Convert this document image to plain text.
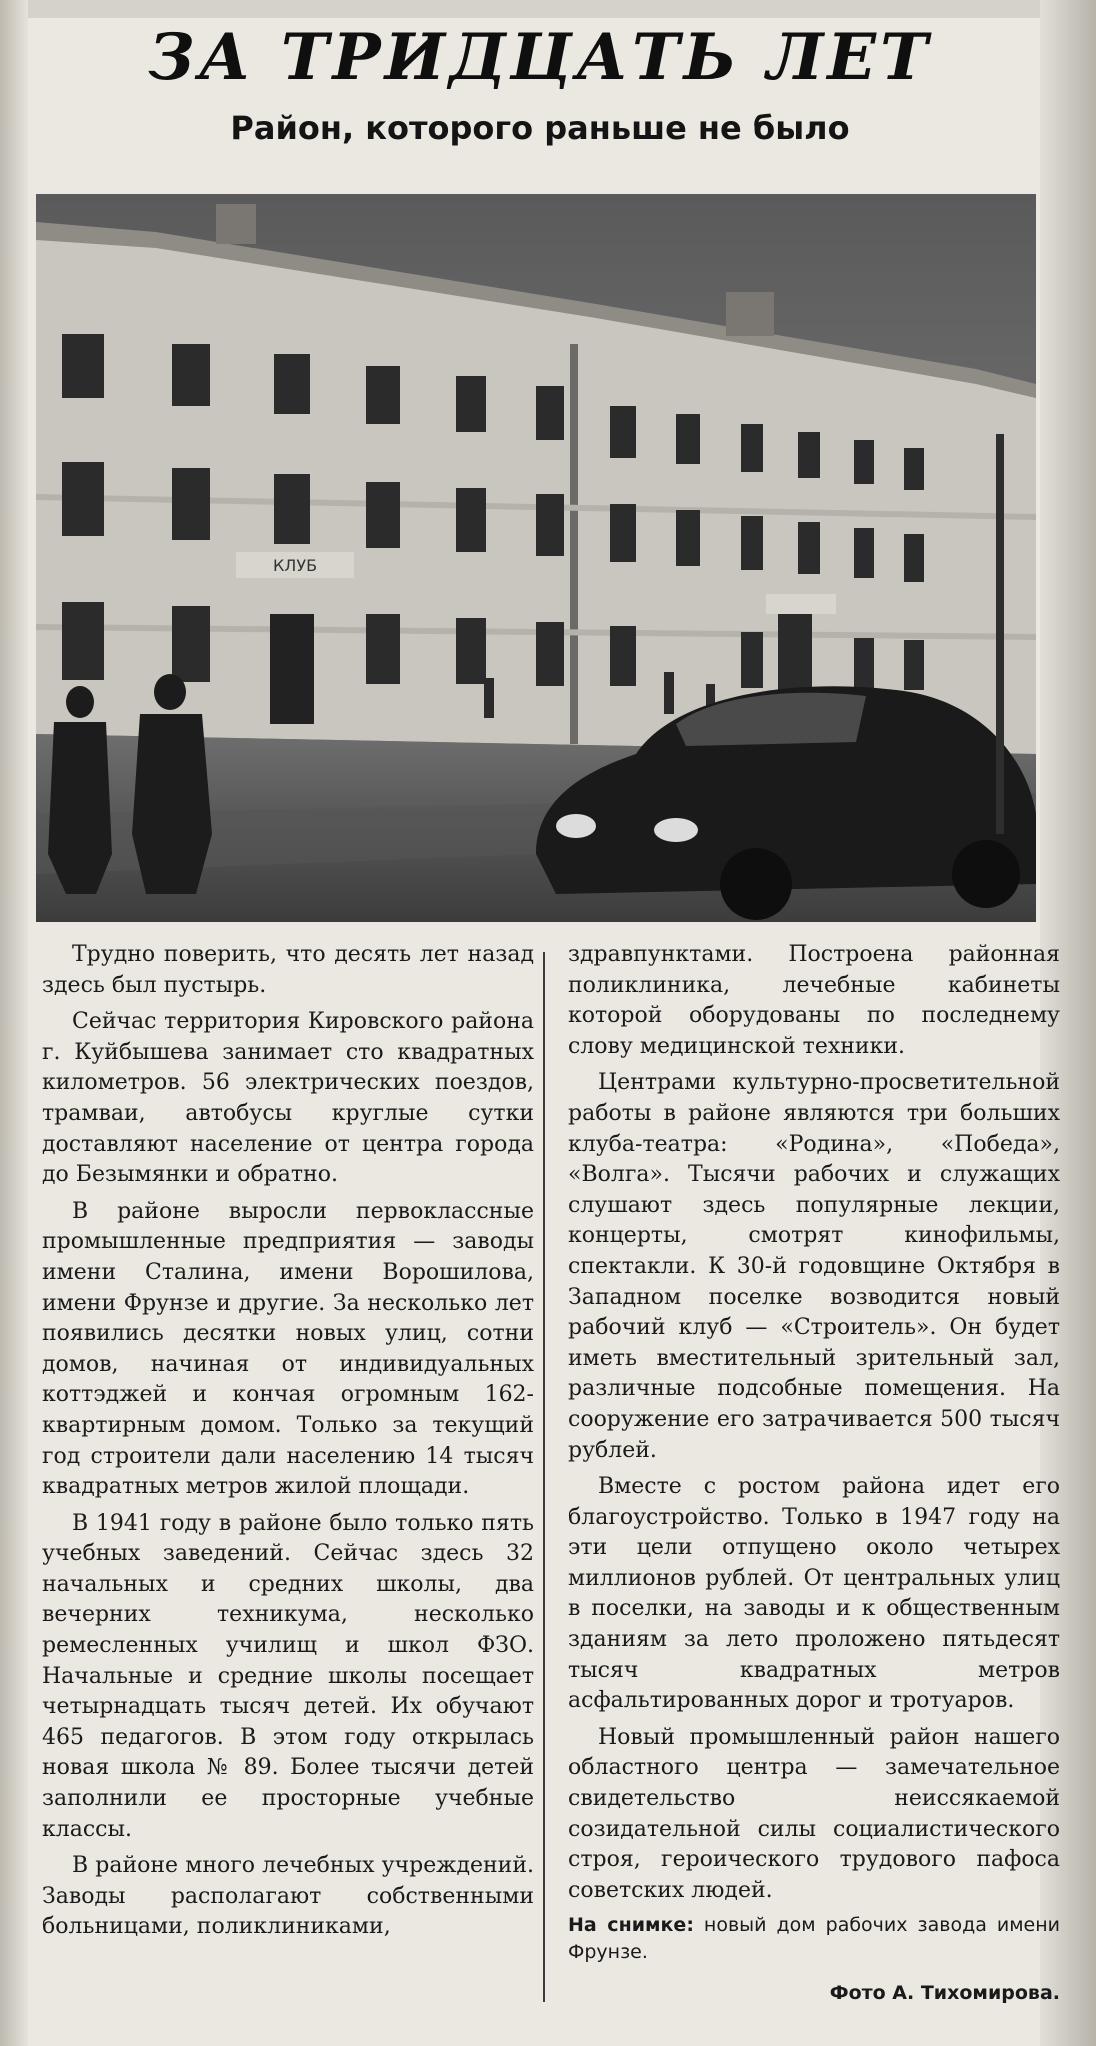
ЗА ТРИДЦАТЬ ЛЕТ
Район, которого раньше не было
КЛУБ

Трудно поверить, что десять лет назад здесь был пустырь.

Сейчас территория Кировского района г. Куйбышева занимает сто квадратных километров. 56 электрических поездов, трамваи, автобусы круглые сутки доставляют население от центра города до Безымянки и обратно.

В районе выросли первоклассные промышленные предприятия — заводы имени Сталина, имени Ворошилова, имени Фрунзе и другие. За несколько лет появились десятки новых улиц, сотни домов, начиная от индивидуальных коттэджей и кончая огромным 162-квартирным домом. Только за текущий год строители дали населению 14 тысяч квадратных метров жилой площади.

В 1941 году в районе было только пять учебных заведений. Сейчас здесь 32 начальных и средних школы, два вечерних техникума, несколько ремесленных училищ и школ ФЗО. Начальные и средние школы посещает четырнадцать тысяч детей. Их обучают 465 педагогов. В этом году открылась новая школа № 89. Более тысячи детей заполнили ее просторные учебные классы.

В районе много лечебных учреждений. Заводы располагают собственными больницами, поликлиниками,

здравпунктами. Построена районная поликлиника, лечебные кабинеты которой оборудованы по последнему слову медицинской техники.

Центрами культурно-просветительной работы в районе являются три больших клуба-театра: «Родина», «Победа», «Волга». Тысячи рабочих и служащих слушают здесь популярные лекции, концерты, смотрят кинофильмы, спектакли. К 30-й годовщине Октября в Западном поселке возводится новый рабочий клуб — «Строитель». Он будет иметь вместительный зрительный зал, различные подсобные помещения. На сооружение его затрачивается 500 тысяч рублей.

Вместе с ростом района идет его благоустройство. Только в 1947 году на эти цели отпущено около четырех миллионов рублей. От центральных улиц в поселки, на заводы и к общественным зданиям за лето проложено пятьдесят тысяч квадратных метров асфальтированных дорог и тротуаров.

Новый промышленный район нашего областного центра — замечательное свидетельство неиссякаемой созидательной силы социалистического строя, героического трудового пафоса советских людей.

На снимке: новый дом рабочих завода имени Фрунзе.
Фото А. Тихомирова.
